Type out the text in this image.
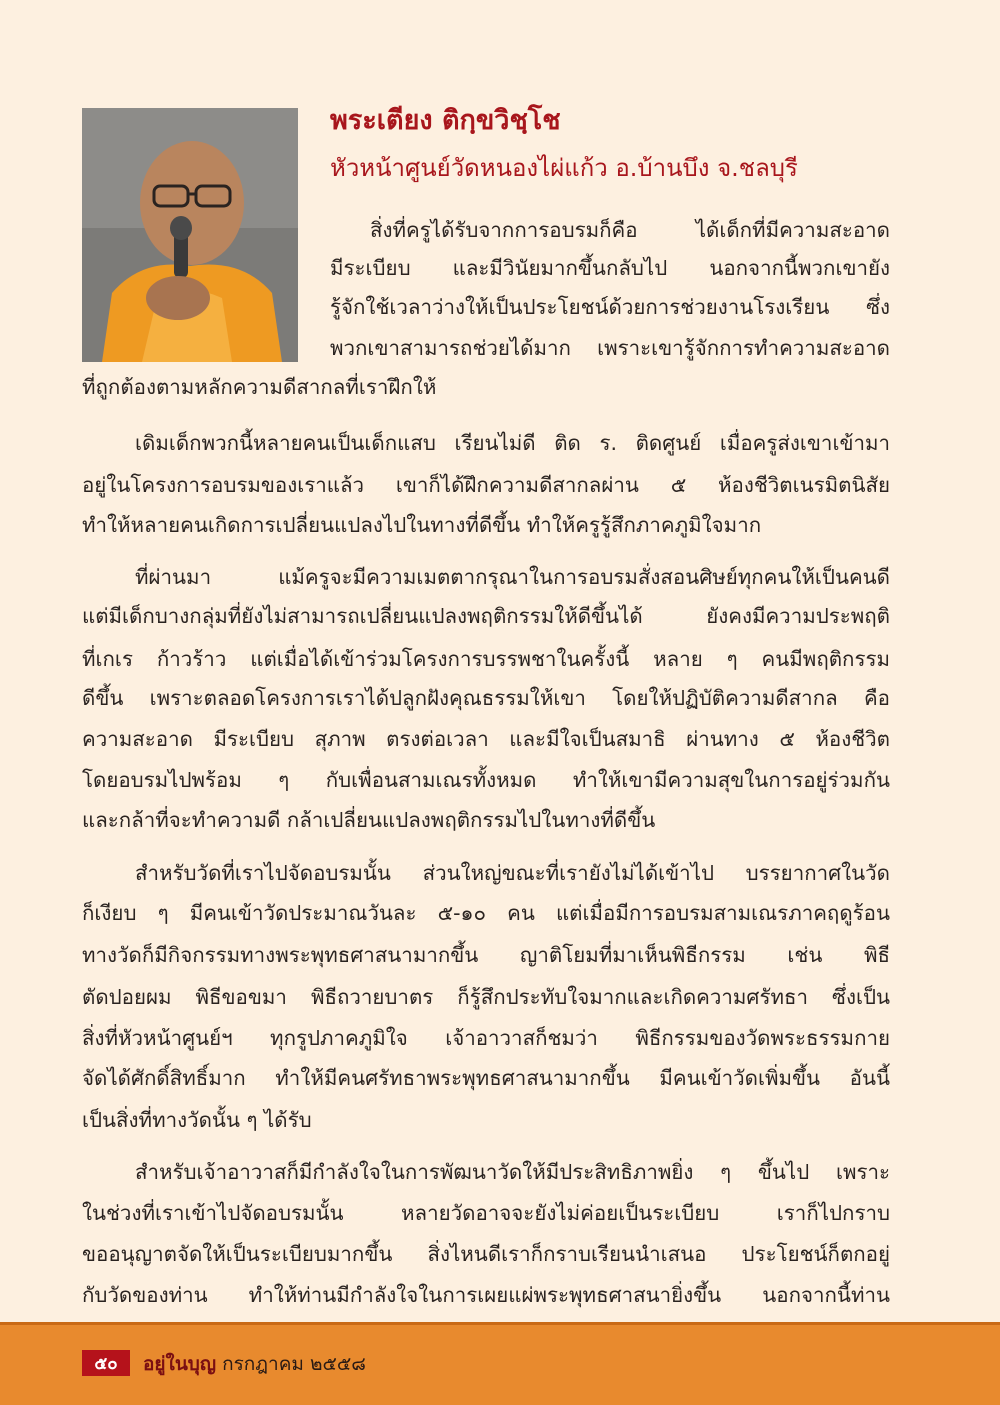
พระเตียง ติกฺขวิชฺโช
หัวหน้าศูนย์วัดหนองไผ่แก้ว อ.บ้านบึง จ.ชลบุรี
สิ่งที่ครูได้รับจากการอบรมก็คือ ได้เด็กที่มีความสะอาด
มีระเบียบ และมีวินัยมากขึ้นกลับไป นอกจากนี้พวกเขายัง
รู้จักใช้เวลาว่างให้เป็นประโยชน์ด้วยการช่วยงานโรงเรียน ซึ่ง
พวกเขาสามารถช่วยได้มาก เพราะเขารู้จักการทำความสะอาด
ที่ถูกต้องตามหลักความดีสากลที่เราฝึกให้
เดิมเด็กพวกนี้หลายคนเป็นเด็กแสบ เรียนไม่ดี ติด ร. ติดศูนย์ เมื่อครูส่งเขาเข้ามา
อยู่ในโครงการอบรมของเราแล้ว เขาก็ได้ฝึกความดีสากลผ่าน ๕ ห้องชีวิตเนรมิตนิสัย
ทำให้หลายคนเกิดการเปลี่ยนแปลงไปในทางที่ดีขึ้น ทำให้ครูรู้สึกภาคภูมิใจมาก
ที่ผ่านมา แม้ครูจะมีความเมตตากรุณาในการอบรมสั่งสอนศิษย์ทุกคนให้เป็นคนดี
แต่มีเด็กบางกลุ่มที่ยังไม่สามารถเปลี่ยนแปลงพฤติกรรมให้ดีขึ้นได้ ยังคงมีความประพฤติ
ที่เกเร ก้าวร้าว แต่เมื่อได้เข้าร่วมโครงการบรรพชาในครั้งนี้ หลาย ๆ คนมีพฤติกรรม
ดีขึ้น เพราะตลอดโครงการเราได้ปลูกฝังคุณธรรมให้เขา โดยให้ปฏิบัติความดีสากล คือ
ความสะอาด มีระเบียบ สุภาพ ตรงต่อเวลา และมีใจเป็นสมาธิ ผ่านทาง ๕ ห้องชีวิต
โดยอบรมไปพร้อม ๆ กับเพื่อนสามเณรทั้งหมด ทำให้เขามีความสุขในการอยู่ร่วมกัน
และกล้าที่จะทำความดี กล้าเปลี่ยนแปลงพฤติกรรมไปในทางที่ดีขึ้น
สำหรับวัดที่เราไปจัดอบรมนั้น ส่วนใหญ่ขณะที่เรายังไม่ได้เข้าไป บรรยากาศในวัด
ก็เงียบ ๆ มีคนเข้าวัดประมาณวันละ ๕-๑๐ คน แต่เมื่อมีการอบรมสามเณรภาคฤดูร้อน
ทางวัดก็มีกิจกรรมทางพระพุทธศาสนามากขึ้น ญาติโยมที่มาเห็นพิธีกรรม เช่น พิธี
ตัดปอยผม พิธีขอขมา พิธีถวายบาตร ก็รู้สึกประทับใจมากและเกิดความศรัทธา ซึ่งเป็น
สิ่งที่หัวหน้าศูนย์ฯ ทุกรูปภาคภูมิใจ เจ้าอาวาสก็ชมว่า พิธีกรรมของวัดพระธรรมกาย
จัดได้ศักดิ์สิทธิ์มาก ทำให้มีคนศรัทธาพระพุทธศาสนามากขึ้น มีคนเข้าวัดเพิ่มขึ้น อันนี้
เป็นสิ่งที่ทางวัดนั้น ๆ ได้รับ
สำหรับเจ้าอาวาสก็มีกำลังใจในการพัฒนาวัดให้มีประสิทธิภาพยิ่ง ๆ ขึ้นไป เพราะ
ในช่วงที่เราเข้าไปจัดอบรมนั้น หลายวัดอาจจะยังไม่ค่อยเป็นระเบียบ เราก็ไปกราบ
ขออนุญาตจัดให้เป็นระเบียบมากขึ้น สิ่งไหนดีเราก็กราบเรียนนำเสนอ ประโยชน์ก็ตกอยู่
กับวัดของท่าน ทำให้ท่านมีกำลังใจในการเผยแผ่พระพุทธศาสนายิ่งขึ้น นอกจากนี้ท่าน
๕๐	อยู่ในบุญ กรกฎาคม ๒๕๕๘
